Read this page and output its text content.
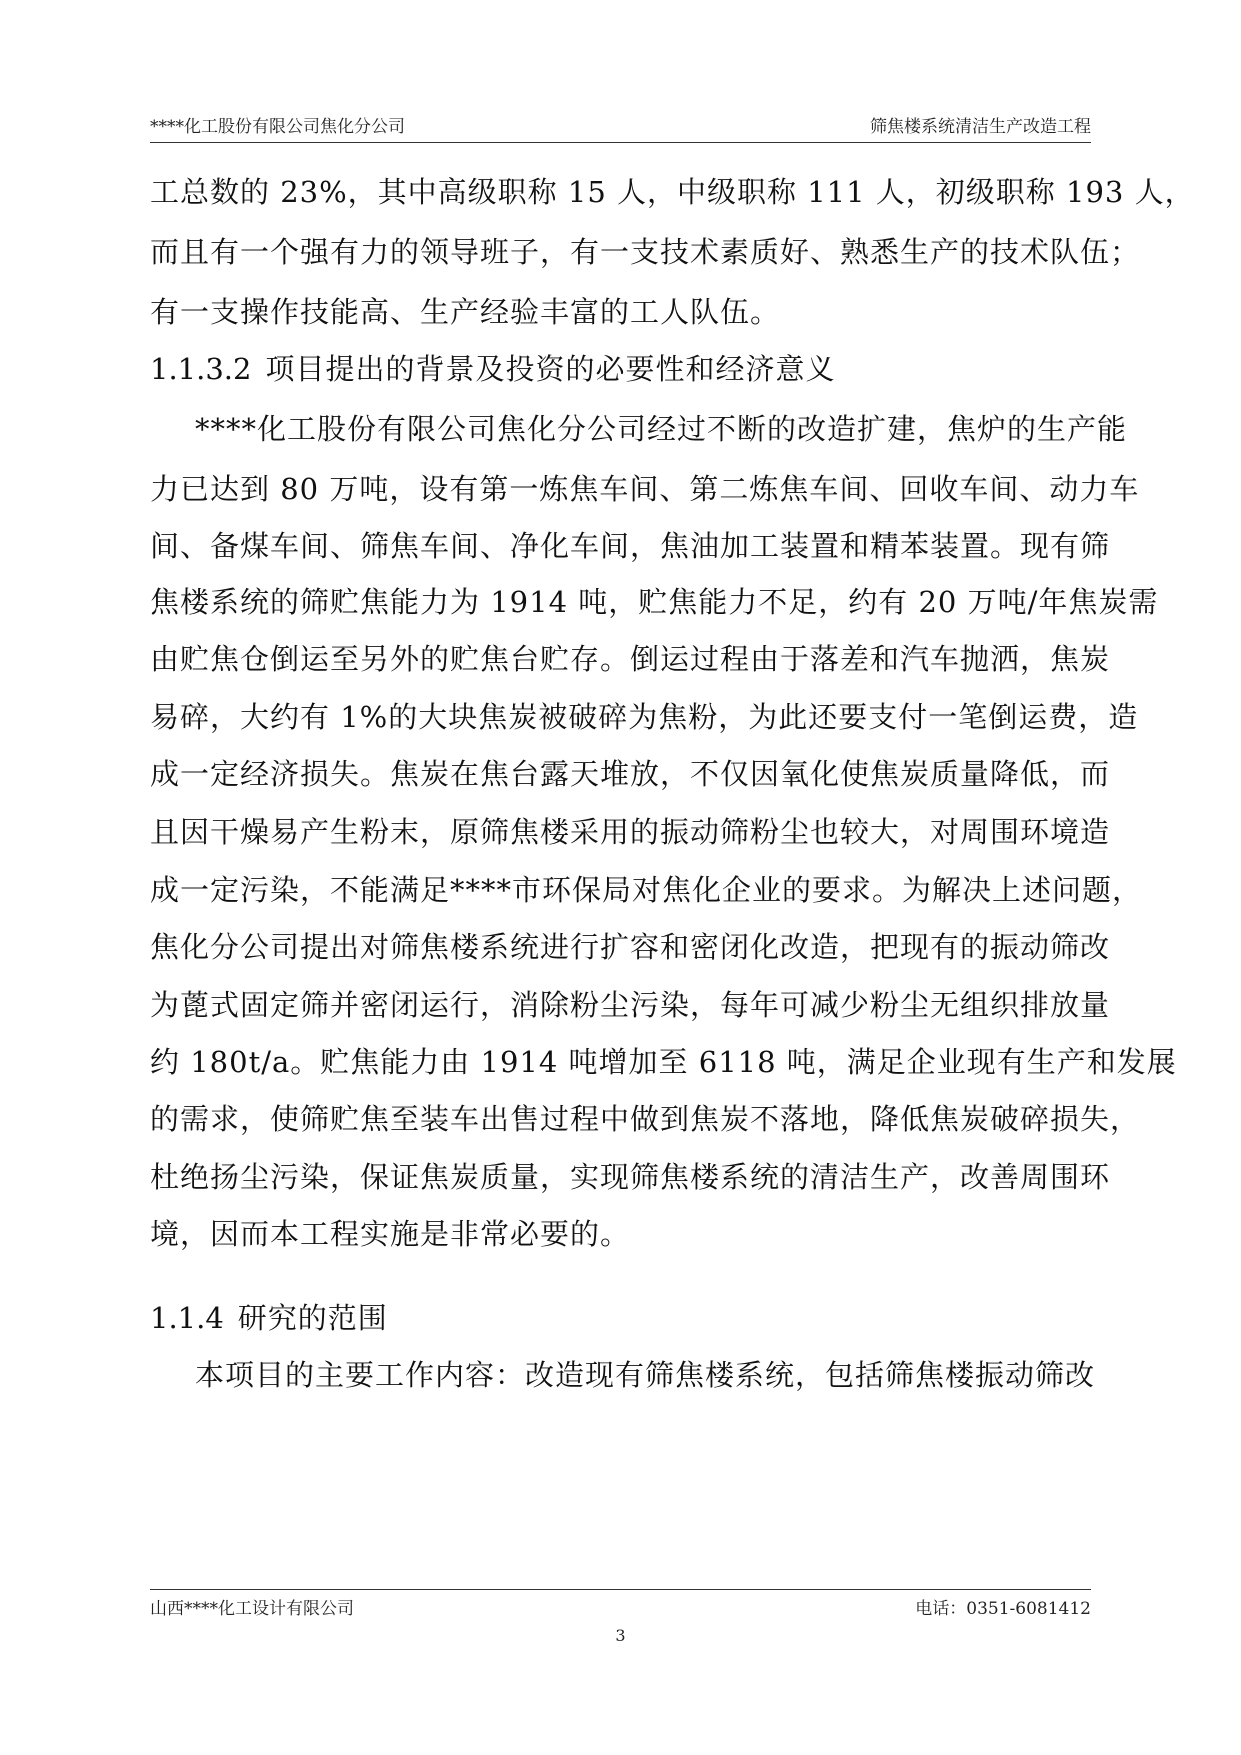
****化工股份有限公司焦化分公司	筛焦楼系统清洁生产改造工程
工总数的 23%，其中高级职称 15 人，中级职称 111 人，初级职称 193 人，
而且有一个强有力的领导班子，有一支技术素质好、熟悉生产的技术队伍；
有一支操作技能高、生产经验丰富的工人队伍。
1.1.3.2 项目提出的背景及投资的必要性和经济意义
****化工股份有限公司焦化分公司经过不断的改造扩建，焦炉的生产能
力已达到 80 万吨，设有第一炼焦车间、第二炼焦车间、回收车间、动力车
间、备煤车间、筛焦车间、净化车间，焦油加工装置和精苯装置。现有筛
焦楼系统的筛贮焦能力为 1914 吨，贮焦能力不足，约有 20 万吨/年焦炭需
由贮焦仓倒运至另外的贮焦台贮存。倒运过程由于落差和汽车抛洒，焦炭
易碎，大约有 1%的大块焦炭被破碎为焦粉，为此还要支付一笔倒运费，造
成一定经济损失。焦炭在焦台露天堆放，不仅因氧化使焦炭质量降低，而
且因干燥易产生粉末，原筛焦楼采用的振动筛粉尘也较大，对周围环境造
成一定污染，不能满足****市环保局对焦化企业的要求。为解决上述问题，
焦化分公司提出对筛焦楼系统进行扩容和密闭化改造，把现有的振动筛改
为蓖式固定筛并密闭运行，消除粉尘污染，每年可减少粉尘无组织排放量
约 180t/a。贮焦能力由 1914 吨增加至 6118 吨，满足企业现有生产和发展
的需求，使筛贮焦至装车出售过程中做到焦炭不落地，降低焦炭破碎损失，
杜绝扬尘污染，保证焦炭质量，实现筛焦楼系统的清洁生产，改善周围环
境，因而本工程实施是非常必要的。
1.1.4 研究的范围
本项目的主要工作内容：改造现有筛焦楼系统，包括筛焦楼振动筛改
山西****化工设计有限公司	电话：0351-6081412
3
